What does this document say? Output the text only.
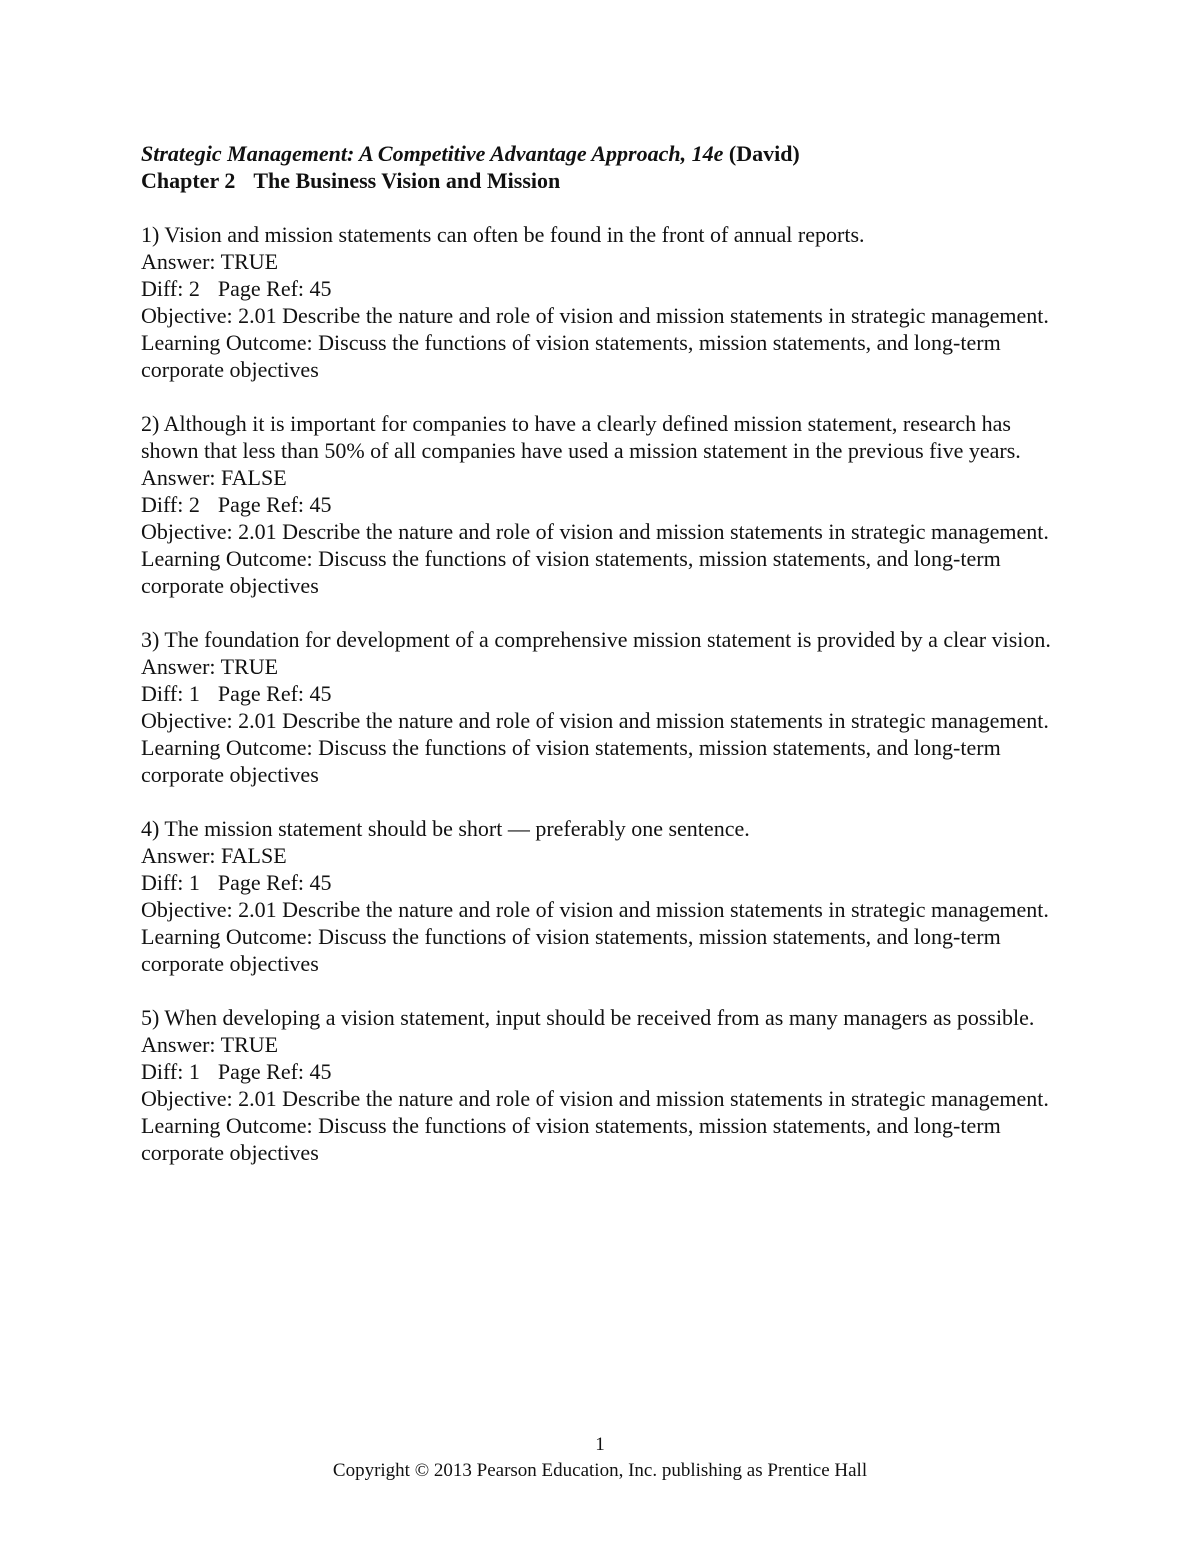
Strategic Management: A Competitive Advantage Approach, 14e (David)
Chapter 2 The Business Vision and Mission
1) Vision and mission statements can often be found in the front of annual reports.
Answer: TRUE
Diff: 2 Page Ref: 45
Objective: 2.01 Describe the nature and role of vision and mission statements in strategic management.
Learning Outcome: Discuss the functions of vision statements, mission statements, and long-term corporate objectives
2) Although it is important for companies to have a clearly defined mission statement, research has shown that less than 50% of all companies have used a mission statement in the previous five years.
Answer: FALSE
Diff: 2 Page Ref: 45
Objective: 2.01 Describe the nature and role of vision and mission statements in strategic management.
Learning Outcome: Discuss the functions of vision statements, mission statements, and long-term corporate objectives
3) The foundation for development of a comprehensive mission statement is provided by a clear vision.
Answer: TRUE
Diff: 1 Page Ref: 45
Objective: 2.01 Describe the nature and role of vision and mission statements in strategic management.
Learning Outcome: Discuss the functions of vision statements, mission statements, and long-term corporate objectives
4) The mission statement should be short — preferably one sentence.
Answer: FALSE
Diff: 1 Page Ref: 45
Objective: 2.01 Describe the nature and role of vision and mission statements in strategic management.
Learning Outcome: Discuss the functions of vision statements, mission statements, and long-term corporate objectives
5) When developing a vision statement, input should be received from as many managers as possible.
Answer: TRUE
Diff: 1 Page Ref: 45
Objective: 2.01 Describe the nature and role of vision and mission statements in strategic management.
Learning Outcome: Discuss the functions of vision statements, mission statements, and long-term corporate objectives
1
Copyright © 2013 Pearson Education, Inc. publishing as Prentice Hall
